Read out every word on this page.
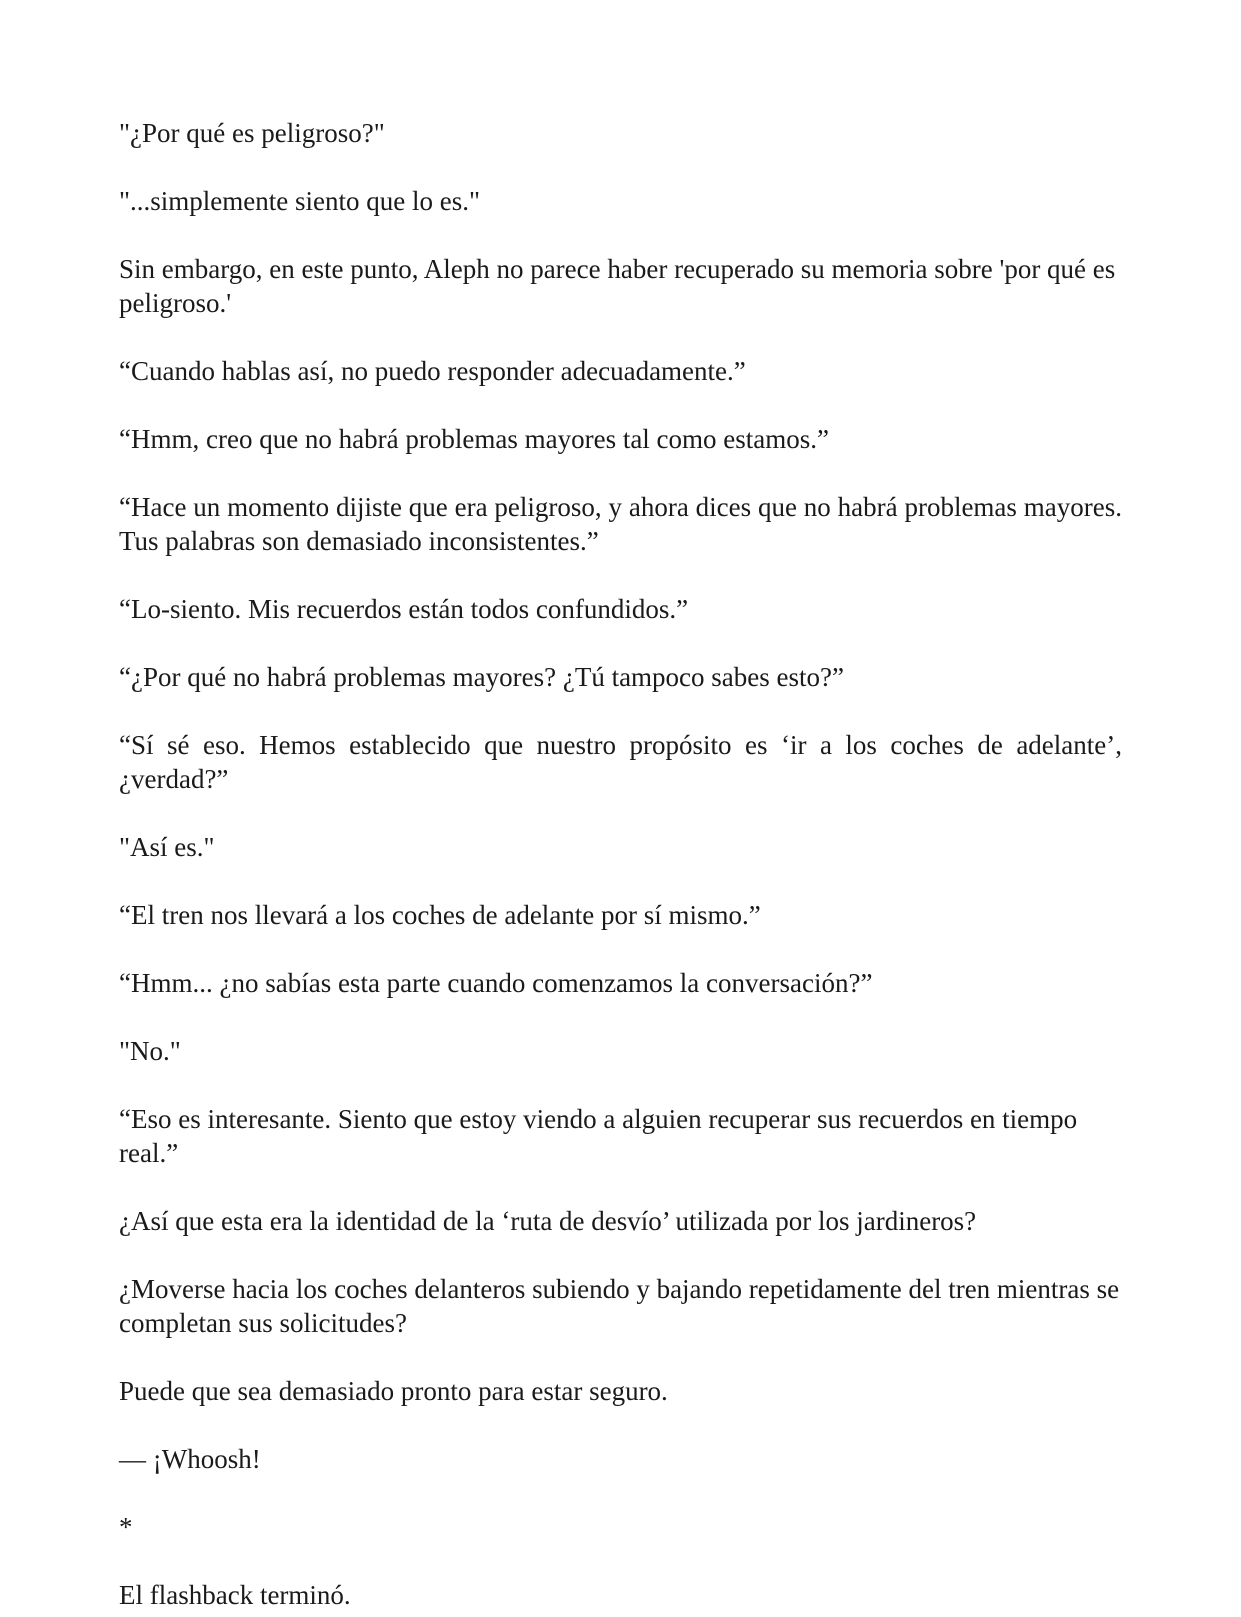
"¿Por qué es peligroso?"

"...simplemente siento que lo es."

Sin embargo, en este punto, Aleph no parece haber recuperado su memoria sobre 'por qué es peligroso.'

“Cuando hablas así, no puedo responder adecuadamente.”

“Hmm, creo que no habrá problemas mayores tal como estamos.”

“Hace un momento dijiste que era peligroso, y ahora dices que no habrá problemas mayores. Tus palabras son demasiado inconsistentes.”

“Lo-siento. Mis recuerdos están todos confundidos.”

“¿Por qué no habrá problemas mayores? ¿Tú tampoco sabes esto?”

“Sí sé eso. Hemos establecido que nuestro propósito es ‘ir a los coches de adelante’, ¿verdad?”

"Así es."

“El tren nos llevará a los coches de adelante por sí mismo.”

“Hmm... ¿no sabías esta parte cuando comenzamos la conversación?”

"No."

“Eso es interesante. Siento que estoy viendo a alguien recuperar sus recuerdos en tiempo real.”

¿Así que esta era la identidad de la ‘ruta de desvío’ utilizada por los jardineros?

¿Moverse hacia los coches delanteros subiendo y bajando repetidamente del tren mientras se completan sus solicitudes?

Puede que sea demasiado pronto para estar seguro.

— ¡Whoosh!

*

El flashback terminó.
